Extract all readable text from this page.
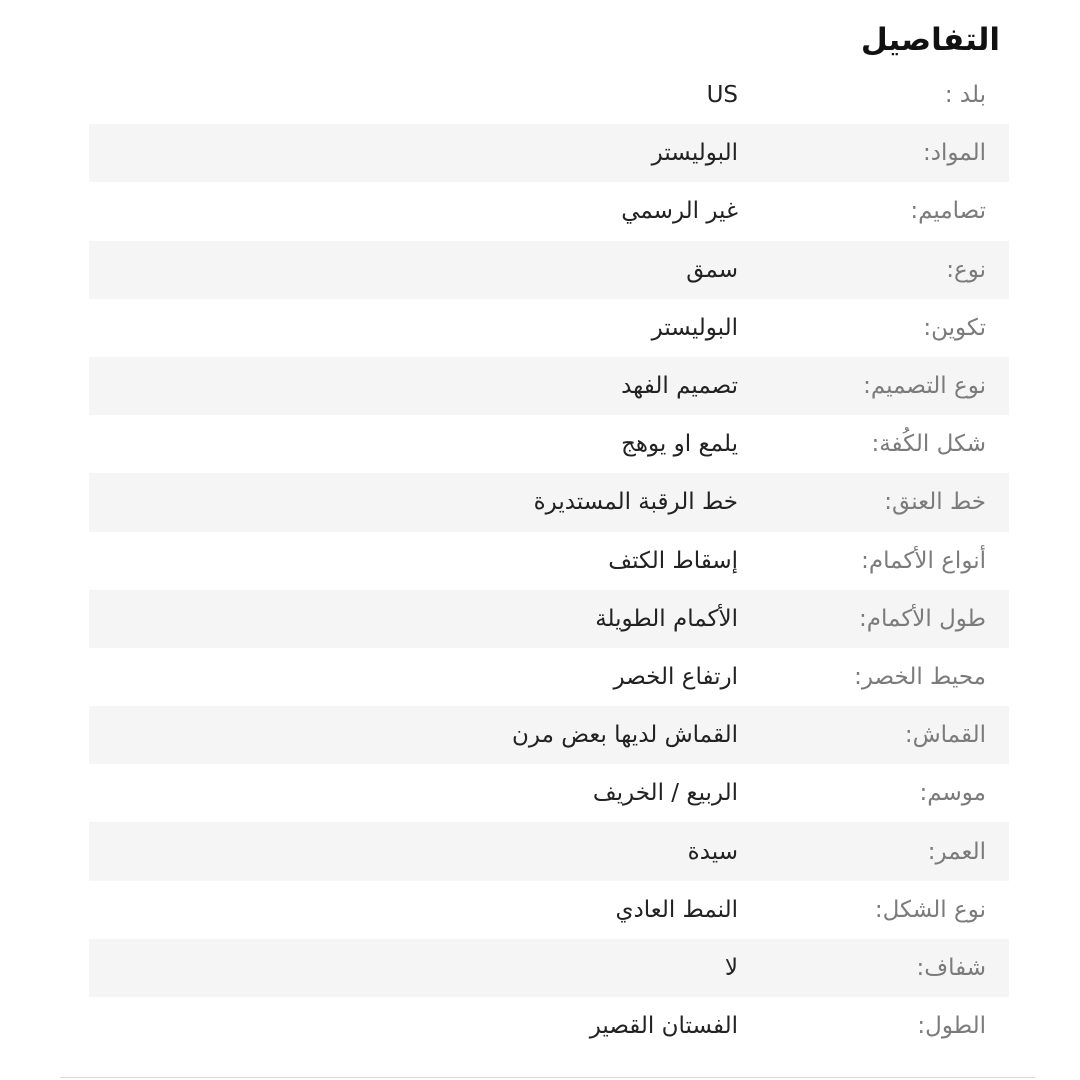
التفاصيل
بلد :
US
المواد:
البوليستر
تصاميم:
غير الرسمي
نوع:
سمق
تكوين:
البوليستر
نوع التصميم:
تصميم الفهد
شكل الكُفة:
يلمع او يوهج
خط العنق:
خط الرقبة المستديرة
أنواع الأكمام:
إسقاط الكتف
طول الأكمام:
الأكمام الطويلة
محيط الخصر:
ارتفاع الخصر
القماش:
القماش لديها بعض مرن
موسم:
الربيع / الخريف
العمر:
سيدة
نوع الشكل:
النمط العادي
شفاف:
لا
الطول:
الفستان القصير
